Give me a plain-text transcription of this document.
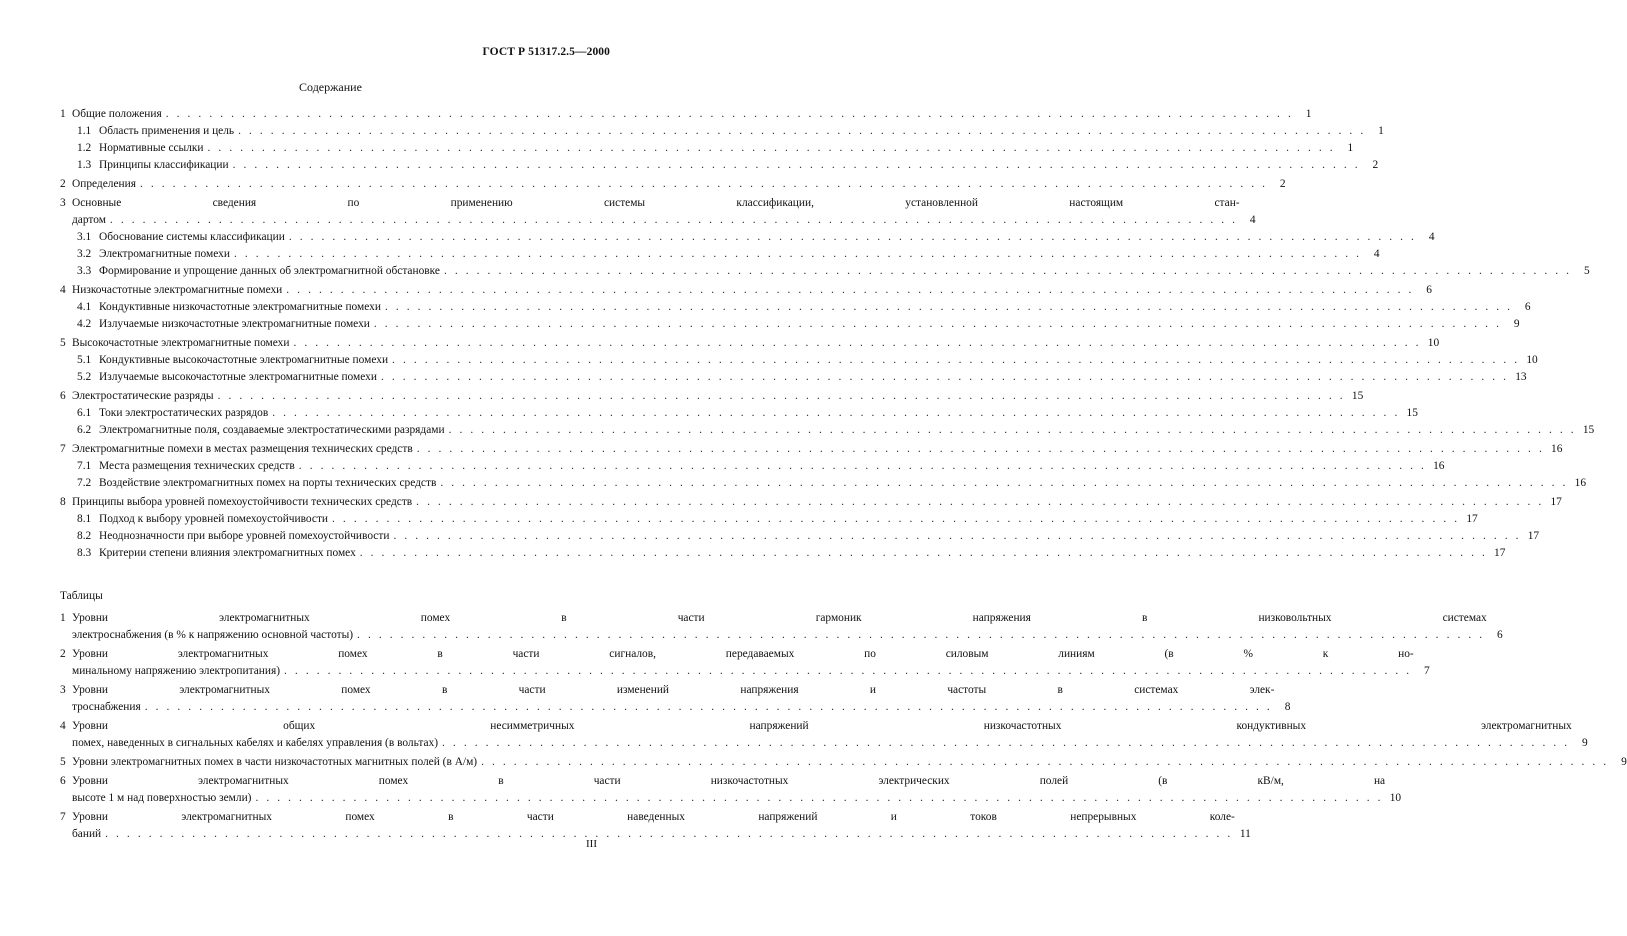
ГОСТ Р 51317.2.5—2000
Содержание
1 Общие положения . . .	1
1.1 Область применения и цель . . .	1
1.2 Нормативные ссылки . . .	1
1.3 Принципы классификации . . .	2
2 Определения . . .	2
3 Основные сведения по применению системы классификации, установленной настоящим стан-
дартом . . .	4
3.1 Обоснование системы классификации . . .	4
3.2 Электромагнитные помехи . . .	4
3.3 Формирование и упрощение данных об электромагнитной обстановке . . .	5
4 Низкочастотные электромагнитные помехи . . .	6
4.1 Кондуктивные низкочастотные электромагнитные помехи . . .	6
4.2 Излучаемые низкочастотные электромагнитные помехи . . .	9
5 Высокочастотные электромагнитные помехи . . .	10
5.1 Кондуктивные высокочастотные электромагнитные помехи . . .	10
5.2 Излучаемые высокочастотные электромагнитные помехи . . .	13
6 Электростатические разряды . . .	15
6.1 Токи электростатических разрядов . . .	15
6.2 Электромагнитные поля, создаваемые электростатическими разрядами . . .	15
7 Электромагнитные помехи в местах размещения технических средств . . .	16
7.1 Места размещения технических средств . . .	16
7.2 Воздействие электромагнитных помех на порты технических средств . . .	16
8 Принципы выбора уровней помехоустойчивости технических средств . . .	17
8.1 Подход к выбору уровней помехоустойчивости . . .	17
8.2 Неоднозначности при выборе уровней помехоустойчивости . . .	17
8.3 Критерии степени влияния электромагнитных помех . . .	17
Таблицы
1 Уровни электромагнитных помех в части гармоник напряжения в низковольтных системах
электроснабжения (в % к напряжению основной частоты) . . .	6
2 Уровни электромагнитных помех в части сигналов, передаваемых по силовым линиям (в % к но-
минальному напряжению электропитания) . . .	7
3 Уровни электромагнитных помех в части изменений напряжения и частоты в системах элек-
троснабжения . . .	8
4 Уровни общих несимметричных напряжений низкочастотных кондуктивных электромагнитных
помех, наведенных в сигнальных кабелях и кабелях управления (в вольтах) . . .	9
5 Уровни электромагнитных помех в части низкочастотных магнитных полей (в А/м) . . .	9
6 Уровни электромагнитных помех в части низкочастотных электрических полей (в кВ/м, на
высоте 1 м над поверхностью земли) . . .	10
7 Уровни электромагнитных помех в части наведенных напряжений и токов непрерывных коле-
баний . . .	11
III
